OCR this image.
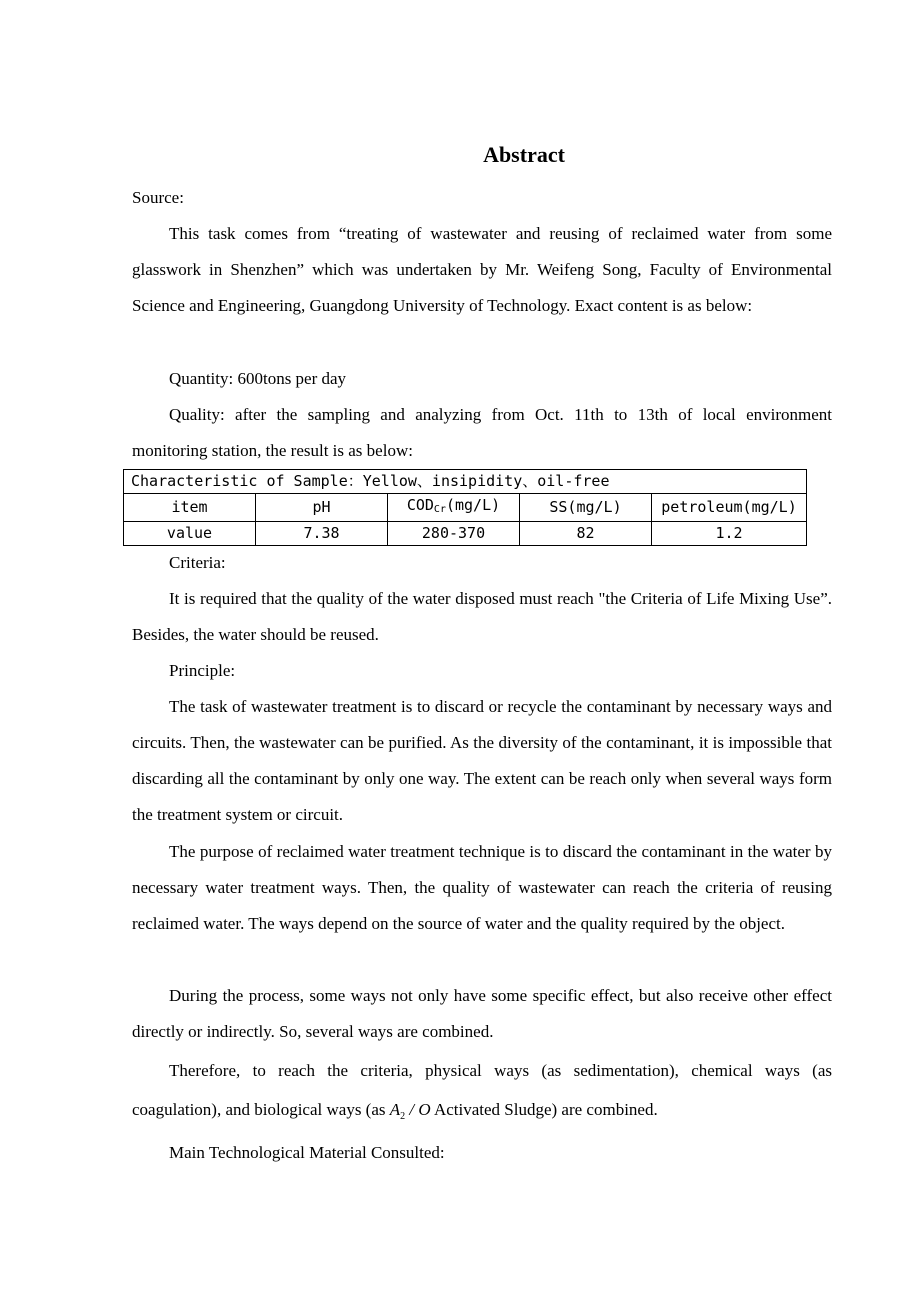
Abstract

Source:

This task comes from “treating of wastewater and reusing of reclaimed water from some glasswork in Shenzhen” which was undertaken by Mr. Weifeng Song, Faculty of Environmental Science and Engineering, Guangdong University of Technology. Exact content is as below:

Quantity: 600tons per day

Quality: after the sampling and analyzing from Oct. 11th to 13th of local environment monitoring station, the result is as below:

Characteristic of Sample：Yellow、insipidity、oil-free				
item	pH	$COD_{Cr}(mg/L)$	SS(mg/L)	petroleum(mg/L)
value	7.38	280-370	82	1.2

Criteria:

It is required that the quality of the water disposed must reach "the Criteria of Life Mixing Use”. Besides, the water should be reused.

Principle:

The task of wastewater treatment is to discard or recycle the contaminant by necessary ways and circuits. Then, the wastewater can be purified. As the diversity of the contaminant, it is impossible that discarding all the contaminant by only one way. The extent can be reach only when several ways form the treatment system or circuit.

The purpose of reclaimed water treatment technique is to discard the contaminant in the water by necessary water treatment ways. Then, the quality of wastewater can reach the criteria of reusing reclaimed water. The ways depend on the source of water and the quality required by the object.

During the process, some ways not only have some specific effect, but also receive other effect directly or indirectly. So, several ways are combined.

Therefore, to reach the criteria, physical ways (as sedimentation), chemical ways (as coagulation), and biological ways (as $A_2$ / O Activated Sludge) are combined.

Main Technological Material Consulted:
